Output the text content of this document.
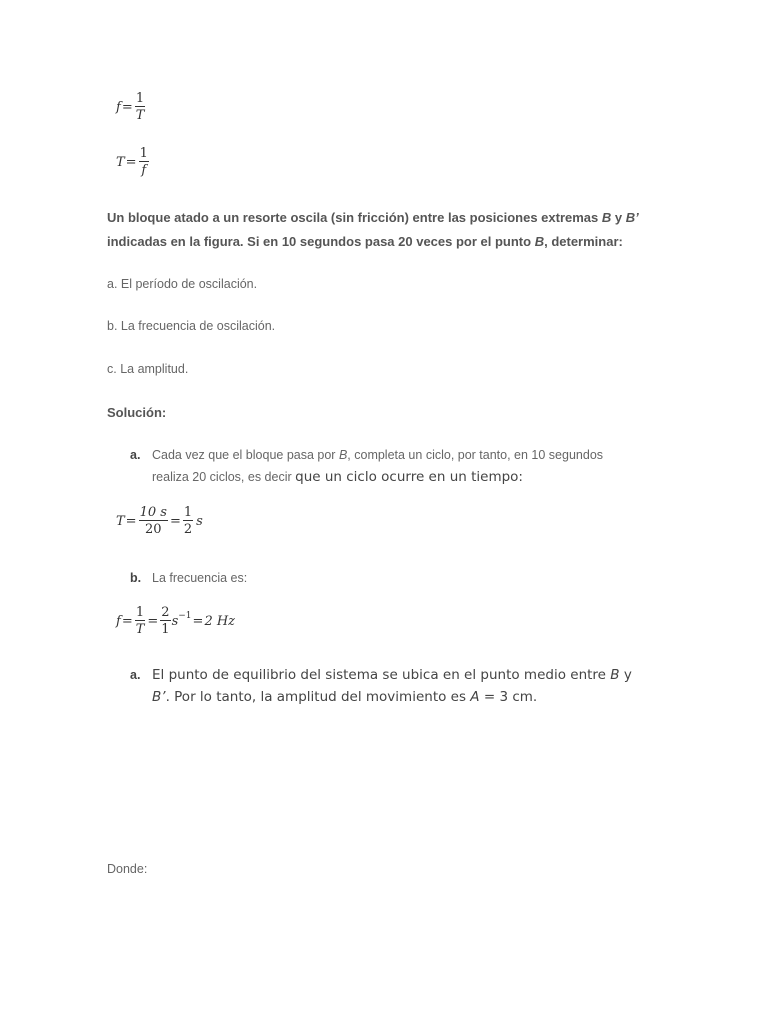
$f = \frac{1}{T}$
$T = \frac{1}{f}$
Un bloque atado a un resorte oscila (sin fricción) entre las posiciones extremas B y B’
indicadas en la figura. Si en 10 segundos pasa 20 veces por el punto B, determinar:
a. El período de oscilación.
b. La frecuencia de oscilación.
c. La amplitud.
Solución:
a. Cada vez que el bloque pasa por B, completa un ciclo, por tanto, en 10 segundos
realiza 20 ciclos, es decir que un ciclo ocurre en un tiempo:
$T = \frac{10 s}{20} = \frac{1}{2}$ s
b. La frecuencia es:
$f = \frac{1}{T} = \frac{2}{1} s^{-1} = 2$ Hz
a. El punto de equilibrio del sistema se ubica en el punto medio entre B y
B’. Por lo tanto, la amplitud del movimiento es A = 3 cm.
Donde:
